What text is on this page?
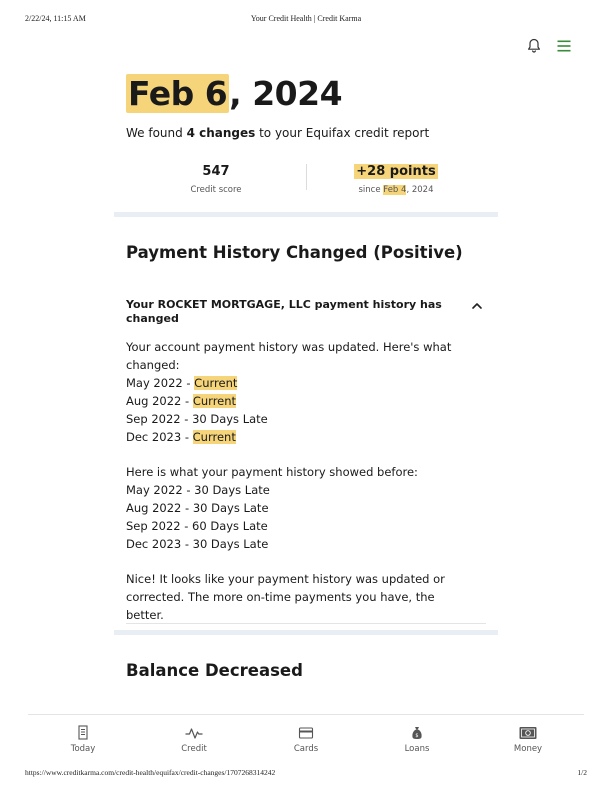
2/22/24, 11:15 AM	Your Credit Health | Credit Karma
Feb 6, 2024
We found 4 changes to your Equifax credit report
547
Credit score
+28 points
since Feb 4, 2024
Payment History Changed (Positive)
Your ROCKET MORTGAGE, LLC payment history has changed

Your account payment history was updated. Here's what changed:

May 2022 - Current

Aug 2022 - Current

Sep 2022 - 30 Days Late

Dec 2023 - Current

Here is what your payment history showed before:

May 2022 - 30 Days Late

Aug 2022 - 30 Days Late

Sep 2022 - 60 Days Late

Dec 2023 - 30 Days Late

Nice! It looks like your payment history was updated or corrected. The more on-time payments you have, the better.

Balance Decreased
Today	Credit	Cards
$
Loans	Money
https://www.creditkarma.com/credit-health/equifax/credit-changes/1707268314242	1/2
